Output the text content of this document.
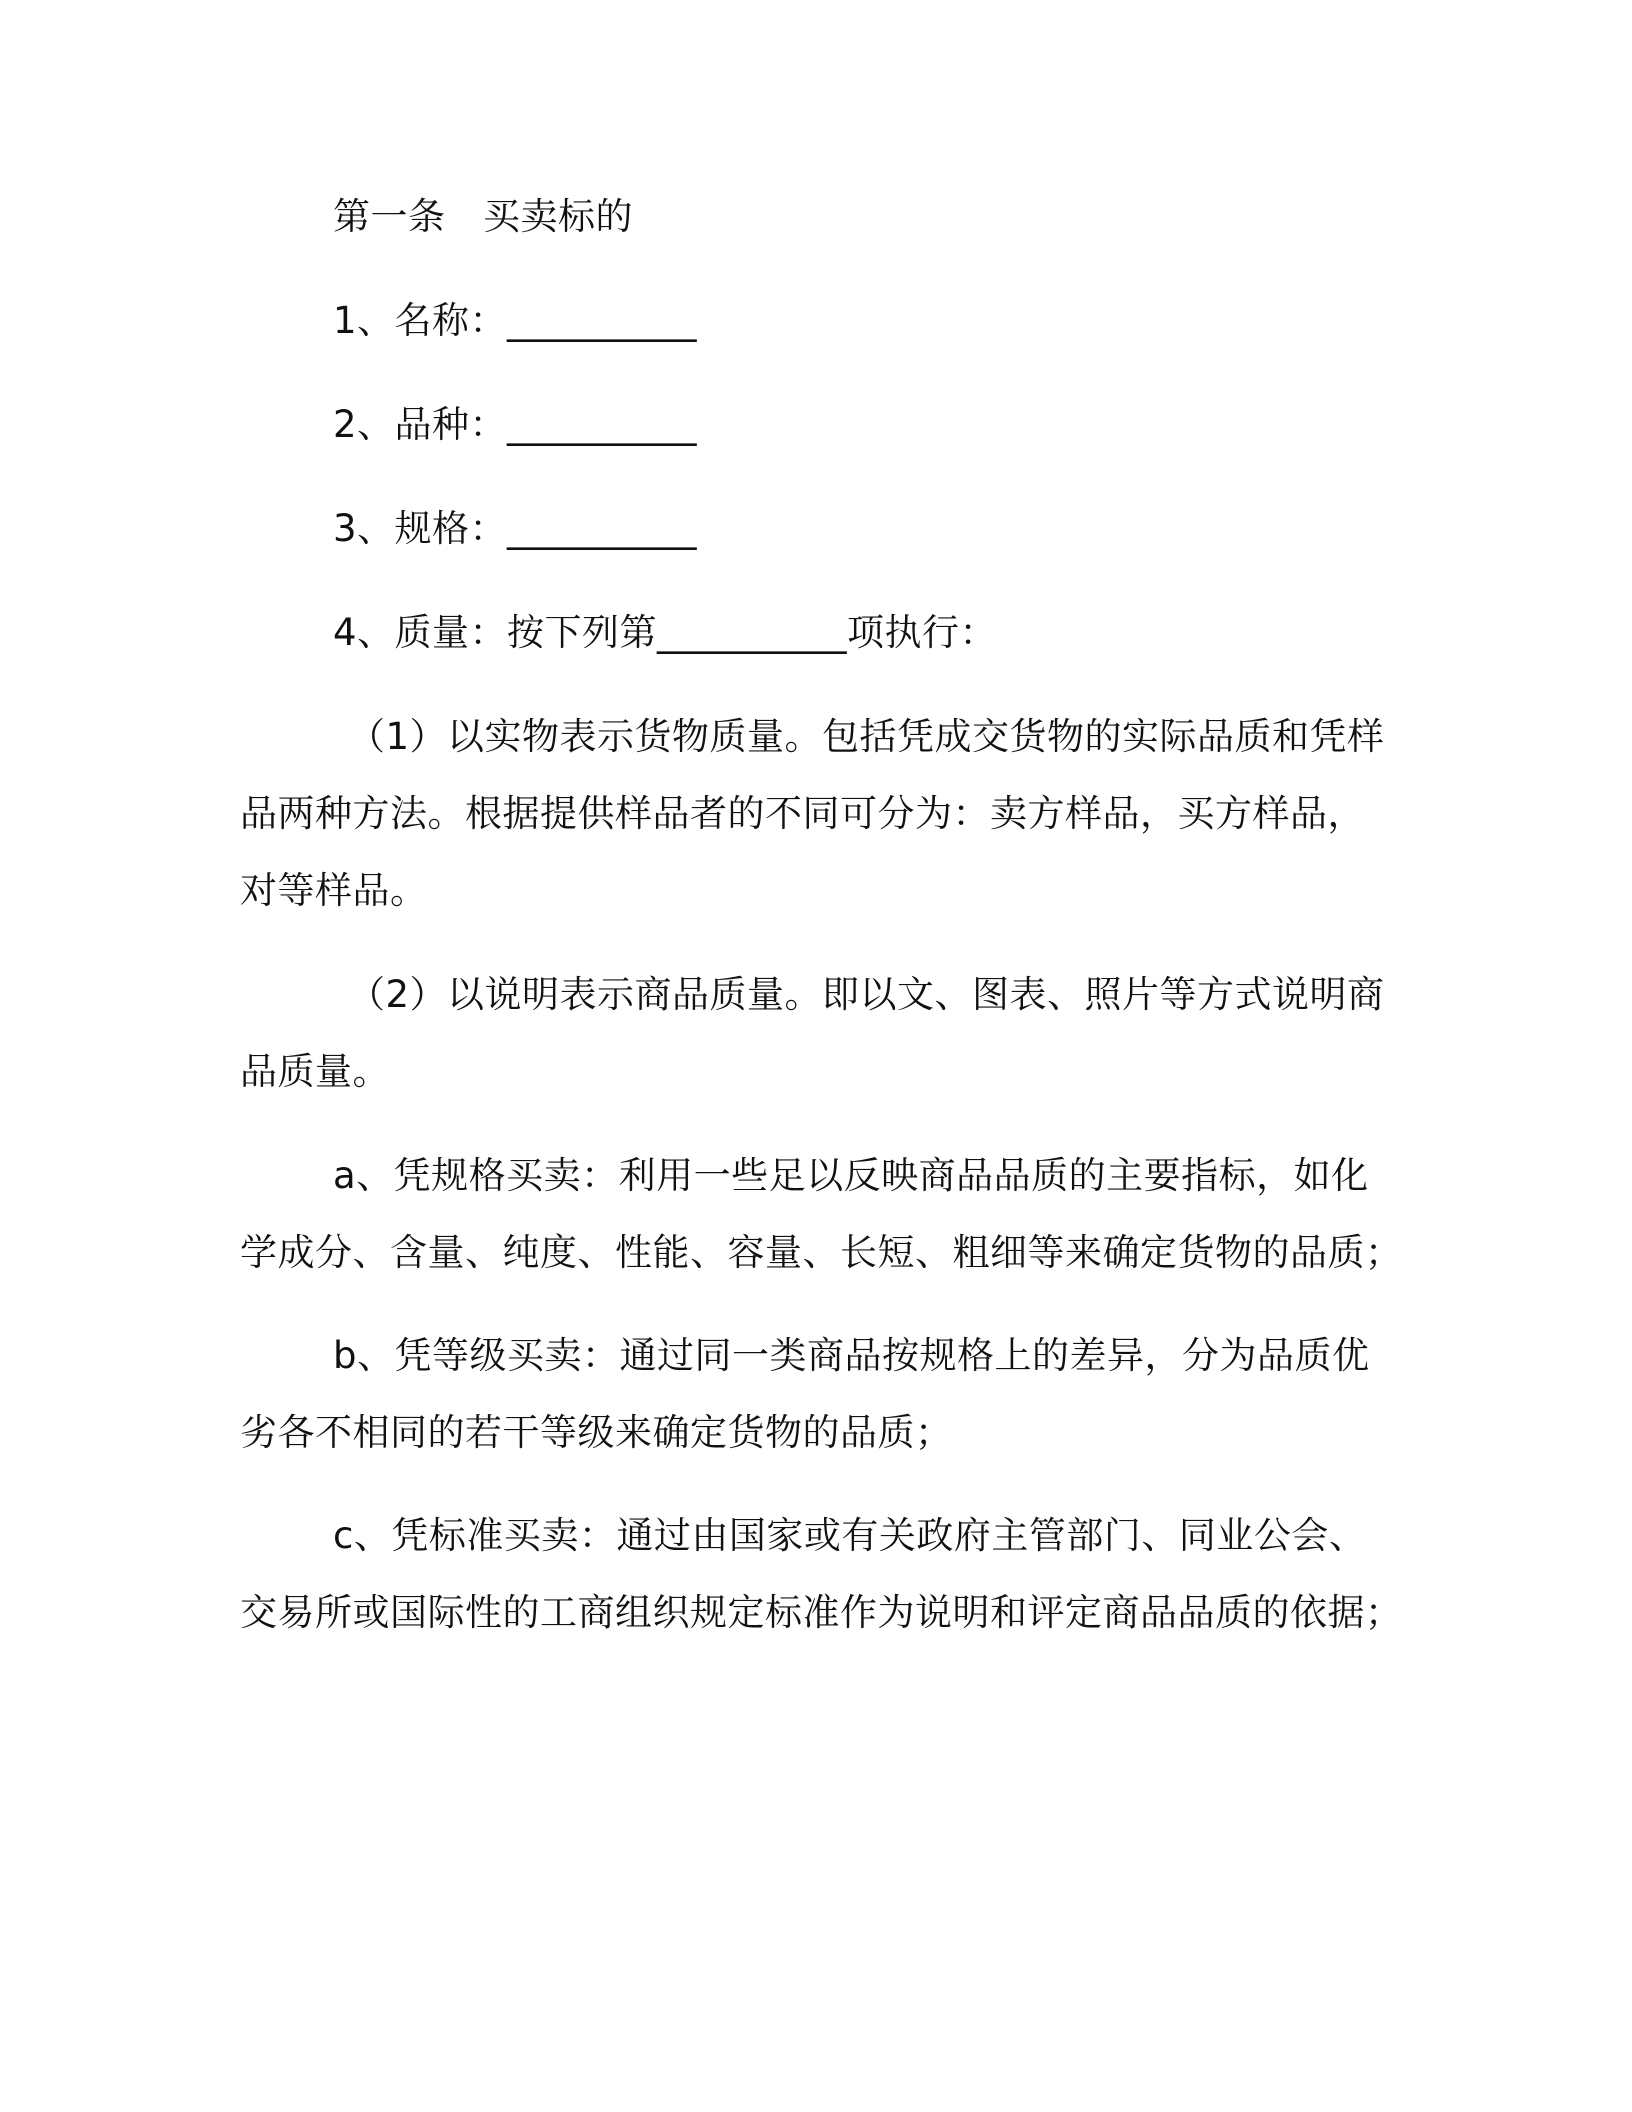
第一条　买卖标的
1、名称：__________
2、品种：__________
3、规格：__________
4、质量：按下列第__________项执行：
（1）以实物表示货物质量。包括凭成交货物的实际品质和凭样
品两种方法。根据提供样品者的不同可分为：卖方样品，买方样品，
对等样品。
（2）以说明表示商品质量。即以文、图表、照片等方式说明商
品质量。
a、凭规格买卖：利用一些足以反映商品品质的主要指标，如化
学成分、含量、纯度、性能、容量、长短、粗细等来确定货物的品质；
b、凭等级买卖：通过同一类商品按规格上的差异，分为品质优
劣各不相同的若干等级来确定货物的品质；
c、凭标准买卖：通过由国家或有关政府主管部门、同业公会、
交易所或国际性的工商组织规定标准作为说明和评定商品品质的依据；
